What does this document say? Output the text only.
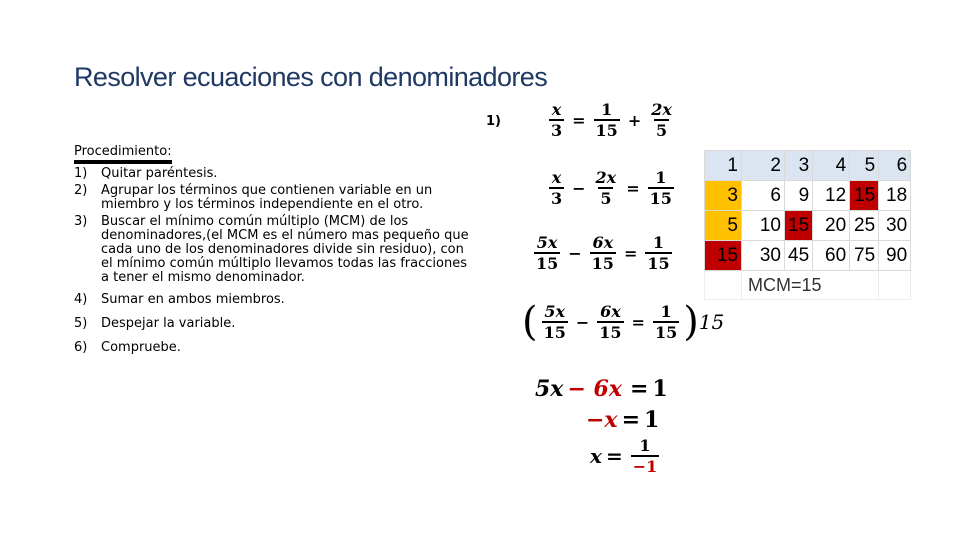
Resolver ecuaciones con denominadores
Procedimiento:
1)	Quitar paréntesis.
2)	Agrupar los términos que contienen variable en un miembro y los términos independiente en el otro.
3)	Buscar el mínimo común múltiplo (MCM) de los denominadores,(el MCM es el número mas pequeño que cada uno de los denominadores divide sin residuo), con el mínimo común múltiplo llevamos todas las fracciones a tener el mismo denominador.
4)	Sumar en ambos miembros.
5)	Despejar la variable.
6)	Compruebe.
1)	$\frac{x}{3} = \frac{1}{15} + \frac{2x}{5}$
$\frac{x}{3} - \frac{2x}{5} = \frac{1}{15}$
$\frac{5x}{15} - \frac{6x}{15} = \frac{1}{15}$
( $\frac{5x}{15} - \frac{6x}{15} = \frac{1}{15}$ ) 15
5x − 6x = 1
−x = 1
$x = \frac{1}{-1}$
1	2	3	4	5	6
3	6	9	12	15	18
5	10	15	20	25	30
15	30	45	60	75	90
	MCM=15				
